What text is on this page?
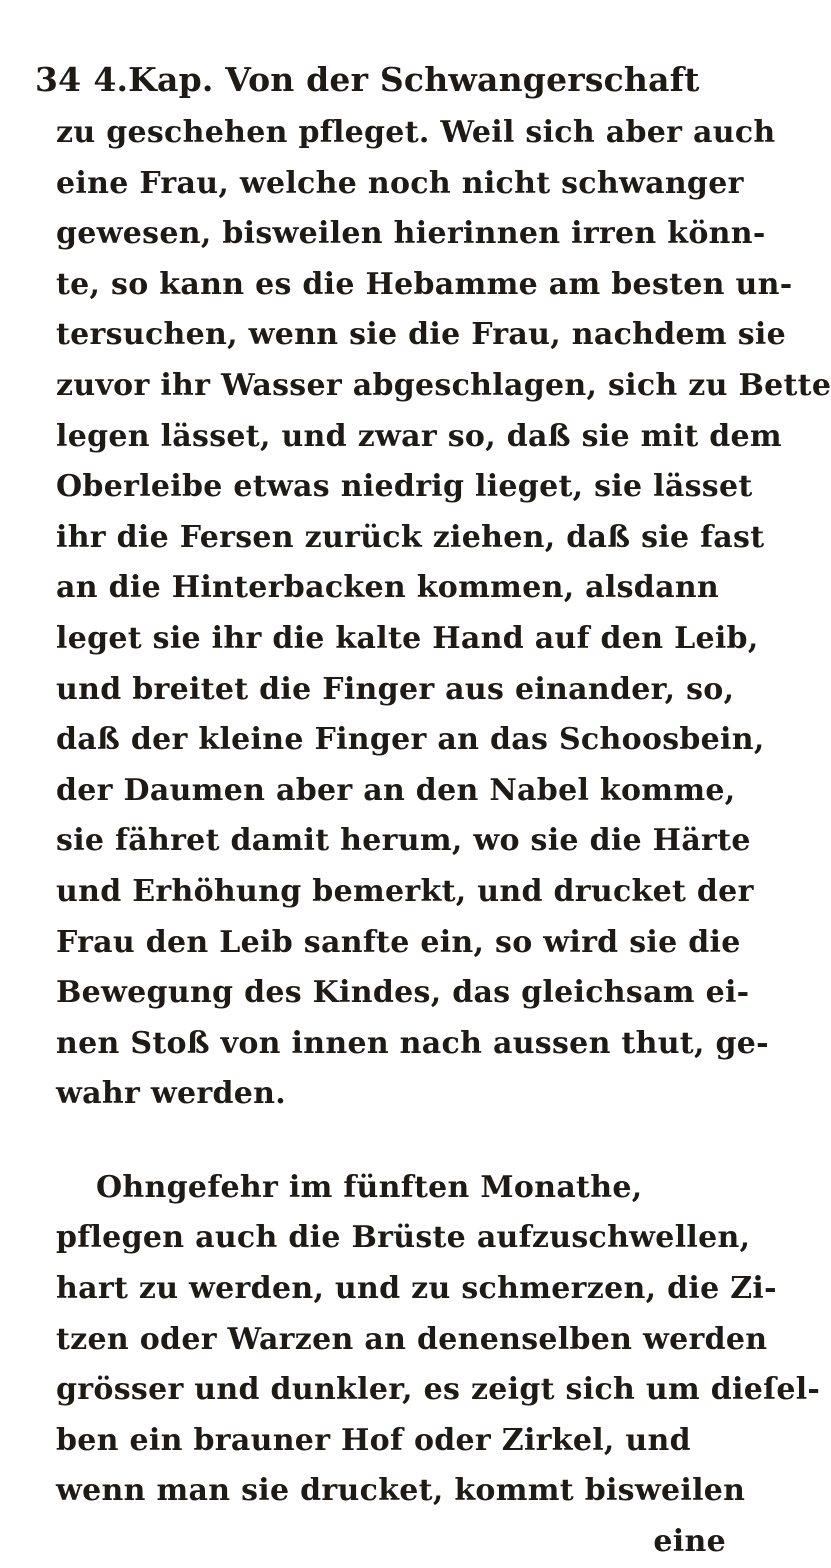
34 4.Kap. Von der Schwangerschaft
zu geschehen pfleget. Weil sich aber auch
eine Frau, welche noch nicht schwanger
gewesen, bisweilen hierinnen irren könn-
te, so kann es die Hebamme am besten un-
tersuchen, wenn sie die Frau, nachdem sie
zuvor ihr Wasser abgeschlagen, sich zu Bette
legen lässet, und zwar so, daß sie mit dem
Oberleibe etwas niedrig lieget, sie lässet
ihr die Fersen zurück ziehen, daß sie fast
an die Hinterbacken kommen, alsdann
leget sie ihr die kalte Hand auf den Leib,
und breitet die Finger aus einander, so,
daß der kleine Finger an das Schoosbein,
der Daumen aber an den Nabel komme,
sie fähret damit herum, wo sie die Härte
und Erhöhung bemerkt, und drucket der
Frau den Leib sanfte ein, so wird sie die
Bewegung des Kindes, das gleichsam ei-
nen Stoß von innen nach aussen thut, ge-
wahr werden.
Ohngefehr im fünften Monathe,
pflegen auch die Brüste aufzuschwellen,
hart zu werden, und zu schmerzen, die Zi-
tzen oder Warzen an denenselben werden
grösser und dunkler, es zeigt sich um dieſel-
ben ein brauner Hof oder Zirkel, und
wenn man sie drucket, kommt bisweilen
eine
